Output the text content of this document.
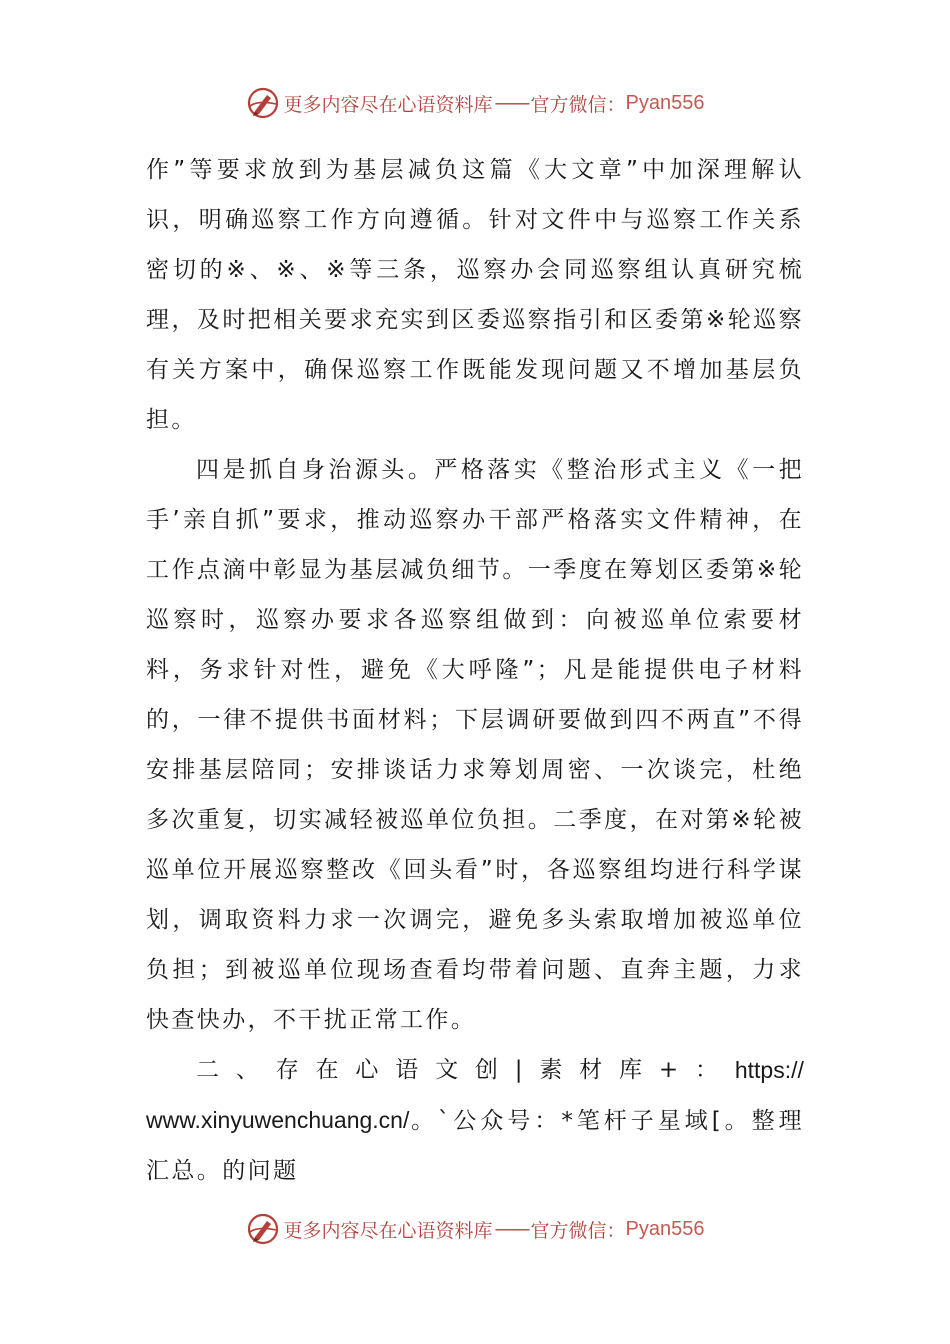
更多内容尽在心语资料库 —— 官方微信： Pyan556

作”等要求放到为基层减负这篇《大文章”中加深理解认识，明确巡察工作方向遵循。针对文件中与巡察工作关系密切的※、※、※等三条，巡察办会同巡察组认真研究梳理，及时把相关要求充实到区委巡察指引和区委第※轮巡察有关方案中，确保巡察工作既能发现问题又不增加基层负担。

四是抓自身治源头。严格落实《整治形式主义《一把手’亲自抓”要求，推动巡察办干部严格落实文件精神，在工作点滴中彰显为基层减负细节。一季度在筹划区委第※轮巡察时，巡察办要求各巡察组做到：向被巡单位索要材料，务求针对性，避免《大呼隆”；凡是能提供电子材料的，一律不提供书面材料；下层调研要做到四不两直”不得安排基层陪同；安排谈话力求筹划周密、一次谈完，杜绝多次重复，切实减轻被巡单位负担。二季度，在对第※轮被巡单位开展巡察整改《回头看”时，各巡察组均进行科学谋划，调取资料力求一次调完，避免多头索取增加被巡单位负担；到被巡单位现场查看均带着问题、直奔主题，力求快查快办，不干扰正常工作。

二 、 存 在 心 语 文 创 | 素 材 库 + ： https://

www.xinyuwenchuang.cn/。`公众号：*笔杆子星域[。整理汇总。的问题

更多内容尽在心语资料库 —— 官方微信： Pyan556
